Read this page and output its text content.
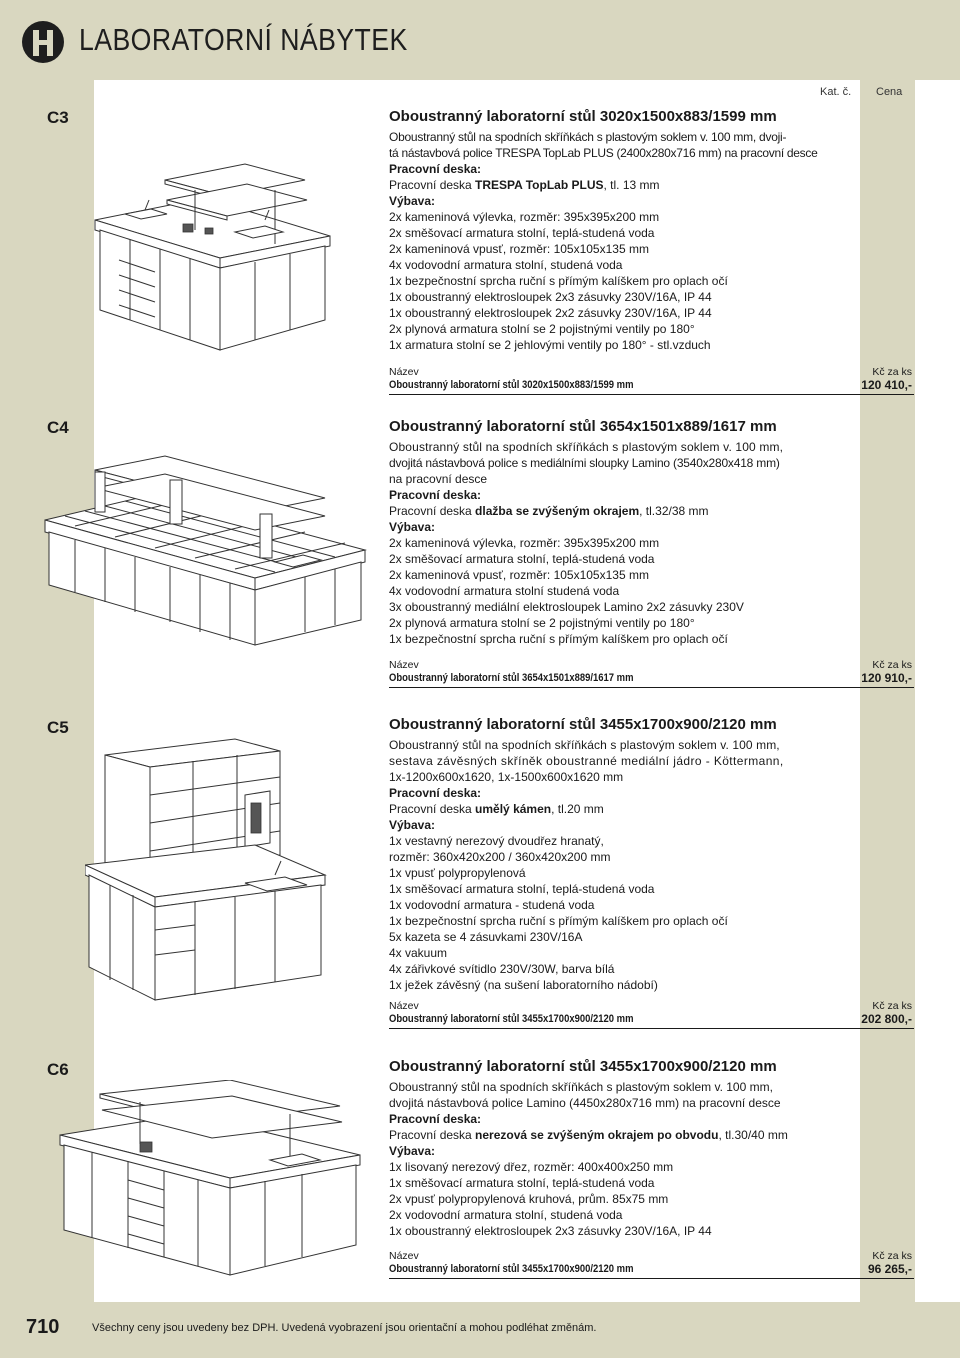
LABORATORNÍ NÁBYTEK
Kat. č. Cena
C3	Oboustranný laboratorní stůl 3020x1500x883/1599 mm
Oboustranný stůl na spodních skříňkách s plastovým soklem v. 100 mm, dvoji-
tá nástavbová police TRESPA TopLab PLUS (2400x280x716 mm) na pracovní desce
Pracovní deska:
Pracovní deska TRESPA TopLab PLUS, tl. 13 mm
Výbava:
2x kameninová výlevka, rozměr: 395x395x200 mm
2x směšovací armatura stolní, teplá-studená voda
2x kameninová vpusť, rozměr: 105x105x135 mm
4x vodovodní armatura stolní, studená voda
1x bezpečnostní sprcha ruční s přímým kalíškem pro oplach očí
1x oboustranný elektrosloupek 2x3 zásuvky 230V/16A, IP 44
1x oboustranný elektrosloupek 2x2 zásuvky 230V/16A, IP 44
2x plynová armatura stolní se 2 pojistnými ventily po 180°
1x armatura stolní se 2 jehlovými ventily po 180° - stl.vzduch
Název	Kč za ks
Oboustranný laboratorní stůl 3020x1500x883/1599 mm	120 410,-
C4	Oboustranný laboratorní stůl 3654x1501x889/1617 mm
Oboustranný stůl na spodních skříňkách s plastovým soklem v. 100 mm,
dvojitá nástavbová police s mediálními sloupky Lamino (3540x280x418 mm)
na pracovní desce
Pracovní deska:
Pracovní deska dlažba se zvýšeným okrajem, tl.32/38 mm
Výbava:
2x kameninová výlevka, rozměr: 395x395x200 mm
2x směšovací armatura stolní, teplá-studená voda
2x kameninová vpusť, rozměr: 105x105x135 mm
4x vodovodní armatura stolní studená voda
3x oboustranný mediální elektrosloupek Lamino 2x2 zásuvky 230V
2x plynová armatura stolní se 2 pojistnými ventily po 180°
1x bezpečnostní sprcha ruční s přímým kalíškem pro oplach očí
Název	Kč za ks
Oboustranný laboratorní stůl 3654x1501x889/1617 mm	120 910,-
C5	Oboustranný laboratorní stůl 3455x1700x900/2120 mm
Oboustranný stůl na spodních skříňkách s plastovým soklem v. 100 mm,
sestava závěsných skříněk oboustranné mediální jádro - Köttermann,
1x-1200x600x1620, 1x-1500x600x1620 mm
Pracovní deska:
Pracovní deska umělý kámen, tl.20 mm
Výbava:
1x vestavný nerezový dvoudřez hranatý,
rozměr: 360x420x200 / 360x420x200 mm
1x vpusť polypropylenová
1x směšovací armatura stolní, teplá-studená voda
1x vodovodní armatura - studená voda
1x bezpečnostní sprcha ruční s přímým kalíškem pro oplach očí
5x kazeta se 4 zásuvkami 230V/16A
4x vakuum
4x zářivkové svítidlo 230V/30W, barva bílá
1x ježek závěsný (na sušení laboratorního nádobí)
Název	Kč za ks
Oboustranný laboratorní stůl 3455x1700x900/2120 mm	202 800,-
C6	Oboustranný laboratorní stůl 3455x1700x900/2120 mm
Oboustranný stůl na spodních skříňkách s plastovým soklem v. 100 mm,
dvojitá nástavbová police Lamino (4450x280x716 mm) na pracovní desce
Pracovní deska:
Pracovní deska nerezová se zvýšeným okrajem po obvodu, tl.30/40 mm
Výbava:
1x lisovaný nerezový dřez, rozměr: 400x400x250 mm
1x směšovací armatura stolní, teplá-studená voda
2x vpusť polypropylenová kruhová, prům. 85x75 mm
2x vodovodní armatura stolní, studená voda
1x oboustranný elektrosloupek 2x3 zásuvky 230V/16A, IP 44
Název	Kč za ks
Oboustranný laboratorní stůl 3455x1700x900/2120 mm	96 265,-
710	Všechny ceny jsou uvedeny bez DPH. Uvedená vyobrazení jsou orientační a mohou podléhat změnám.
